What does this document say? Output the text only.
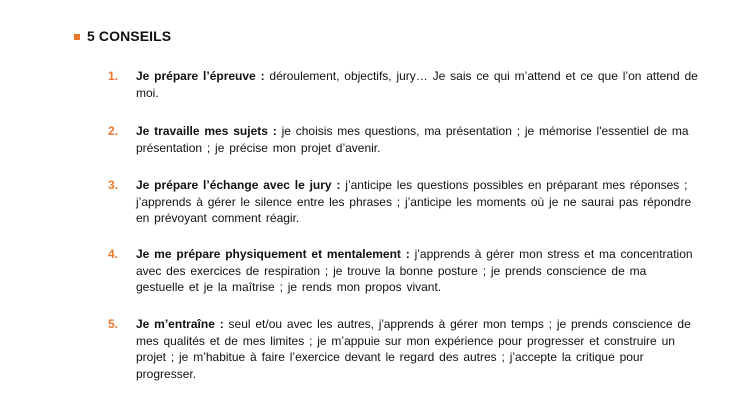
5 CONSEILS
1.	Je prépare l’épreuve : déroulement, objectifs, jury… Je sais ce qui m’attend et ce que l’on attend de moi.
2.	Je travaille mes sujets : je choisis mes questions, ma présentation ; je mémorise l'essentiel de ma présentation ; je précise mon projet d’avenir.
3.	Je prépare l’échange avec le jury : j’anticipe les questions possibles en préparant mes réponses ; j’apprends à gérer le silence entre les phrases ; j’anticipe les moments où je ne saurai pas répondre en prévoyant comment réagir.
4.	Je me prépare physiquement et mentalement : j’apprends à gérer mon stress et ma concentration avec des exercices de respiration ; je trouve la bonne posture ; je prends conscience de ma gestuelle et je la maîtrise ; je rends mon propos vivant.
5.	Je m’entraîne : seul et/ou avec les autres, j'apprends à gérer mon temps ; je prends conscience de mes qualités et de mes limites ; je m’appuie sur mon expérience pour progresser et construire un projet ; je m’habitue à faire l’exercice devant le regard des autres ; j’accepte la critique pour progresser.
